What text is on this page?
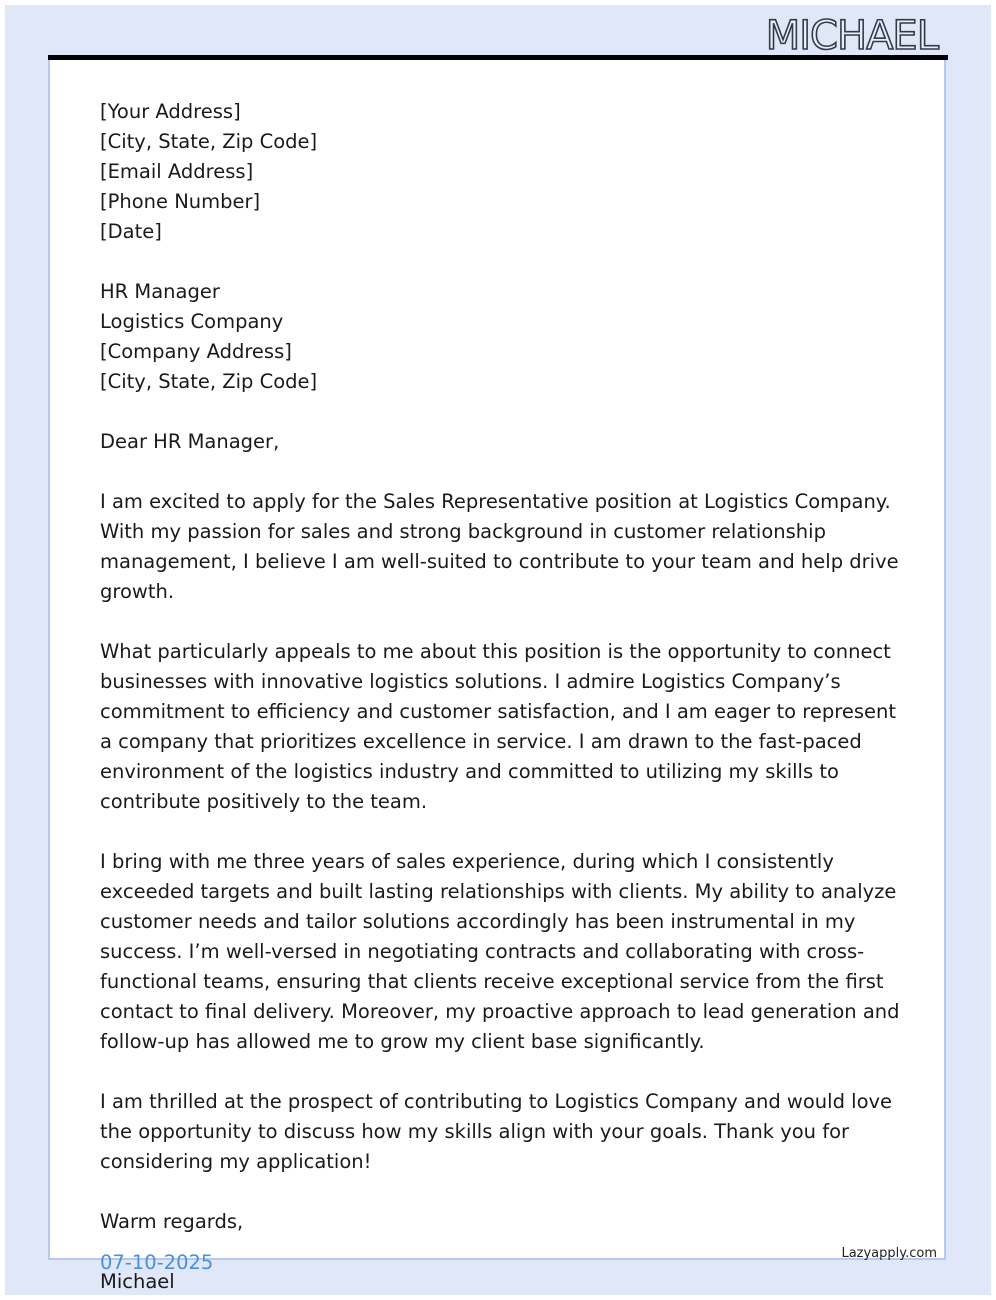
MICHAEL
[Your Address]
[City, State, Zip Code]
[Email Address]
[Phone Number]
[Date]
HR Manager
Logistics Company
[Company Address]
[City, State, Zip Code]
Dear HR Manager,

I am excited to apply for the Sales Representative position at Logistics Company. With my passion for sales and strong background in customer relationship management, I believe I am well-suited to contribute to your team and help drive growth.

What particularly appeals to me about this position is the opportunity to connect businesses with innovative logistics solutions. I admire Logistics Company’s commitment to efficiency and customer satisfaction, and I am eager to represent a company that prioritizes excellence in service. I am drawn to the fast-paced environment of the logistics industry and committed to utilizing my skills to contribute positively to the team.

I bring with me three years of sales experience, during which I consistently exceeded targets and built lasting relationships with clients. My ability to analyze customer needs and tailor solutions accordingly has been instrumental in my success. I’m well-versed in negotiating contracts and collaborating with cross-functional teams, ensuring that clients receive exceptional service from the first contact to final delivery. Moreover, my proactive approach to lead generation and follow-up has allowed me to grow my client base significantly.

I am thrilled at the prospect of contributing to Logistics Company and would love the opportunity to discuss how my skills align with your goals. Thank you for considering my application!

Warm regards,
Michael
07-10-2025	Lazyapply.com
